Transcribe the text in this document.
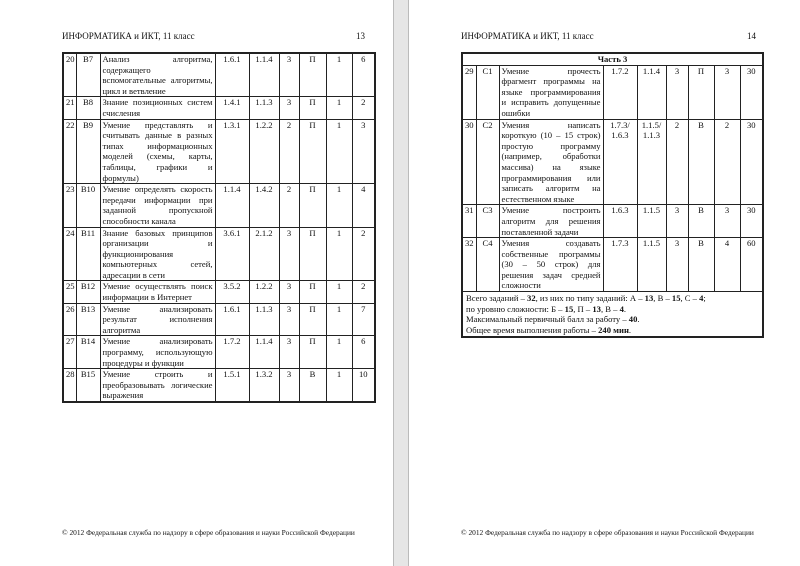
ИНФОРМАТИКА и ИКТ, 11 класс	13
20	B7	Анализ алгоритма, содержащего вспомогательные алгоритмы, цикл и ветвление	1.6.1	1.1.4	3	П	1	6
21	B8	Знание позиционных систем счисления	1.4.1	1.1.3	3	П	1	2
22	B9	Умение представлять и считывать данные в разных типах информационных моделей (схемы, карты, таблицы, графики и формулы)	1.3.1	1.2.2	2	П	1	3
23	B10	Умение определять скорость передачи информации при заданной пропускной способности канала	1.1.4	1.4.2	2	П	1	4
24	B11	Знание базовых принципов организации и функционирования компьютерных сетей, адресации в сети	3.6.1	2.1.2	3	П	1	2
25	B12	Умение осуществлять поиск информации в Интернет	3.5.2	1.2.2	3	П	1	2
26	B13	Умение анализировать результат исполнения алгоритма	1.6.1	1.1.3	3	П	1	7
27	B14	Умение анализировать программу, использующую процедуры и функции	1.7.2	1.1.4	3	П	1	6
28	B15	Умение строить и преобразовывать логические выражения	1.5.1	1.3.2	3	В	1	10
© 2012 Федеральная служба по надзору в сфере образования и науки Российской Федерации
ИНФОРМАТИКА и ИКТ, 11 класс	14
Часть 3								
29	C1	Умение прочесть фрагмент программы на языке программирования и исправить допущенные ошибки	1.7.2	1.1.4	3	П	3	30
30	C2	Умения написать короткую (10 – 15 строк) простую программу (например, обработки массива) на языке программирования или записать алгоритм на естественном языке	1.7.3/ 1.6.3	1.1.5/ 1.1.3	2	В	2	30
31	C3	Умение построить алгоритм для решения поставленной задачи	1.6.3	1.1.5	3	В	3	30
32	C4	Умения создавать собственные программы (30 – 50 строк) для решения задач средней сложности	1.7.3	1.1.5	3	В	4	60

Всего заданий – 32, из них по типу заданий: А – 13, В – 15, С – 4;
по уровню сложности: Б – 15, П – 13, В – 4.
Максимальный первичный балл за работу – 40.
Общее время выполнения работы – 240 мин.								
© 2012 Федеральная служба по надзору в сфере образования и науки Российской Федерации
